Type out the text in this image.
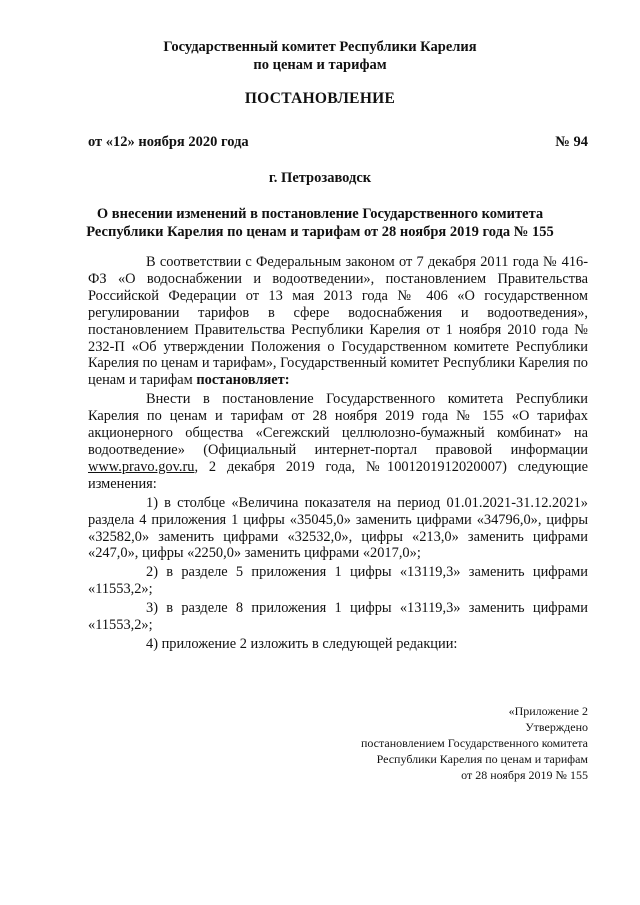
Государственный комитет Республики Карелия
по ценам и тарифам
ПОСТАНОВЛЕНИЕ
от «12» ноября 2020 года	№ 94
г. Петрозаводск
О внесении изменений в постановление Государственного комитета
Республики Карелия по ценам и тарифам от 28 ноября 2019 года № 155

В соответствии с Федеральным законом от 7 декабря 2011 года № 416-ФЗ «О водоснабжении и водоотведении», постановлением Правительства Российской Федерации от 13 мая 2013 года № 406 «О государственном регулировании тарифов в сфере водоснабжения и водоотведения», постановлением Правительства Республики Карелия от 1 ноября 2010 года № 232-П «Об утверждении Положения о Государственном комитете Республики Карелия по ценам и тарифам», Государственный комитет Республики Карелия по ценам и тарифам постановляет:

Внести в постановление Государственного комитета Республики Карелия по ценам и тарифам от 28 ноября 2019 года № 155 «О тарифах акционерного общества «Сегежский целлюлозно-бумажный комбинат» на водоотведение» (Официальный интернет-портал правовой информации www.pravo.gov.ru, 2 декабря 2019 года, №1001201912020007) следующие изменения:

1) в столбце «Величина показателя на период 01.01.2021-31.12.2021» раздела 4 приложения 1 цифры «35045,0» заменить цифрами «34796,0», цифры «32582,0» заменить цифрами «32532,0», цифры «213,0» заменить цифрами «247,0», цифры «2250,0» заменить цифрами «2017,0»;

2) в разделе 5 приложения 1 цифры «13119,3» заменить цифрами «11553,2»;

3) в разделе 8 приложения 1 цифры «13119,3» заменить цифрами «11553,2»;

4) приложение 2 изложить в следующей редакции:

«Приложение 2
Утверждено
постановлением Государственного комитета
Республики Карелия по ценам и тарифам
от 28 ноября 2019 № 155
